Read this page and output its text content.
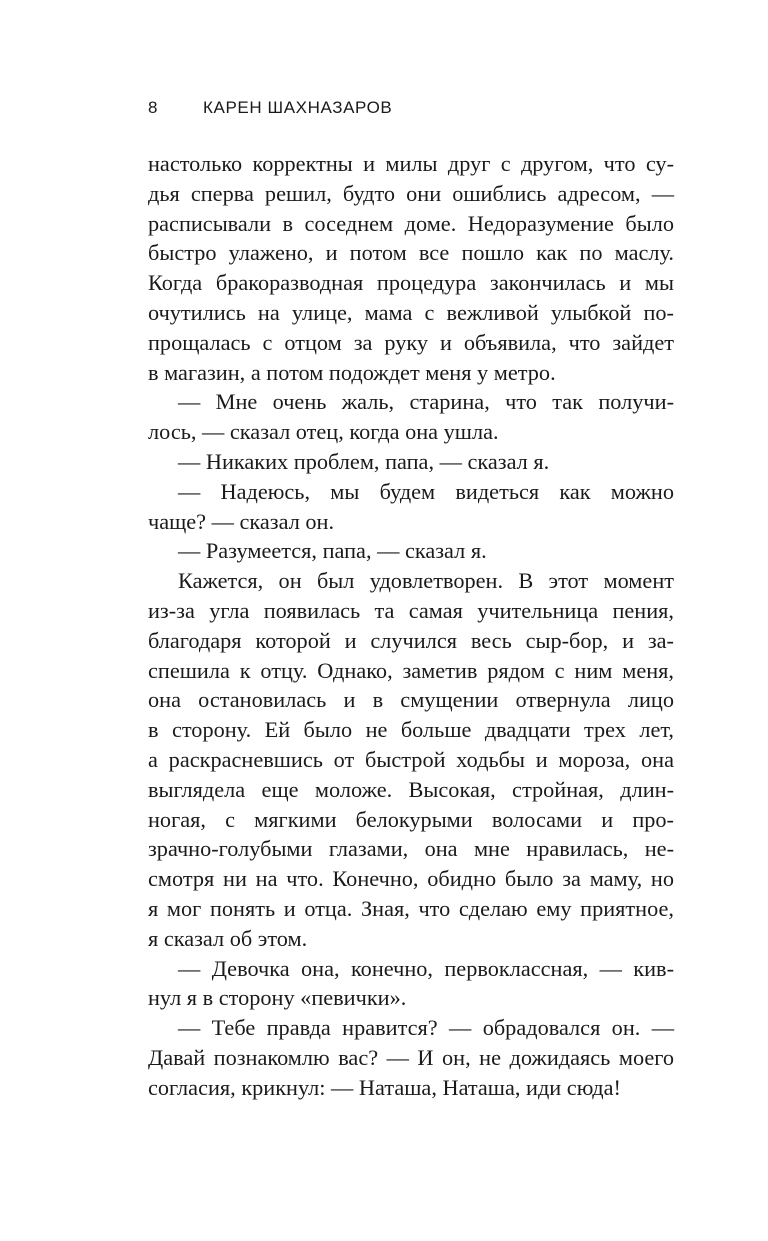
8	КАРЕН ШАХНАЗАРОВ
настолько корректны и милы друг с другом, что су-
дья сперва решил, будто они ошиблись адресом, —
расписывали в соседнем доме. Недоразумение было
быстро улажено, и потом все пошло как по маслу.
Когда бракоразводная процедура закончилась и мы
очутились на улице, мама с вежливой улыбкой по-
прощалась с отцом за руку и объявила, что зайдет
в магазин, а потом подождет меня у метро.
— Мне очень жаль, старина, что так получи-
лось, — сказал отец, когда она ушла.
— Никаких проблем, папа, — сказал я.
— Надеюсь, мы будем видеться как можно
чаще? — сказал он.
— Разумеется, папа, — сказал я.
Кажется, он был удовлетворен. В этот момент
из-за угла появилась та самая учительница пения,
благодаря которой и случился весь сыр-бор, и за-
спешила к отцу. Однако, заметив рядом с ним меня,
она остановилась и в смущении отвернула лицо
в сторону. Ей было не больше двадцати трех лет,
а раскрасневшись от быстрой ходьбы и мороза, она
выглядела еще моложе. Высокая, стройная, длин-
ногая, с мягкими белокурыми волосами и про-
зрачно-голубыми глазами, она мне нравилась, не-
смотря ни на что. Конечно, обидно было за маму, но
я мог понять и отца. Зная, что сделаю ему приятное,
я сказал об этом.
— Девочка она, конечно, первоклассная, — кив-
нул я в сторону «певички».
— Тебе правда нравится? — обрадовался он. —
Давай познакомлю вас? — И он, не дожидаясь моего
согласия, крикнул: — Наташа, Наташа, иди сюда!
